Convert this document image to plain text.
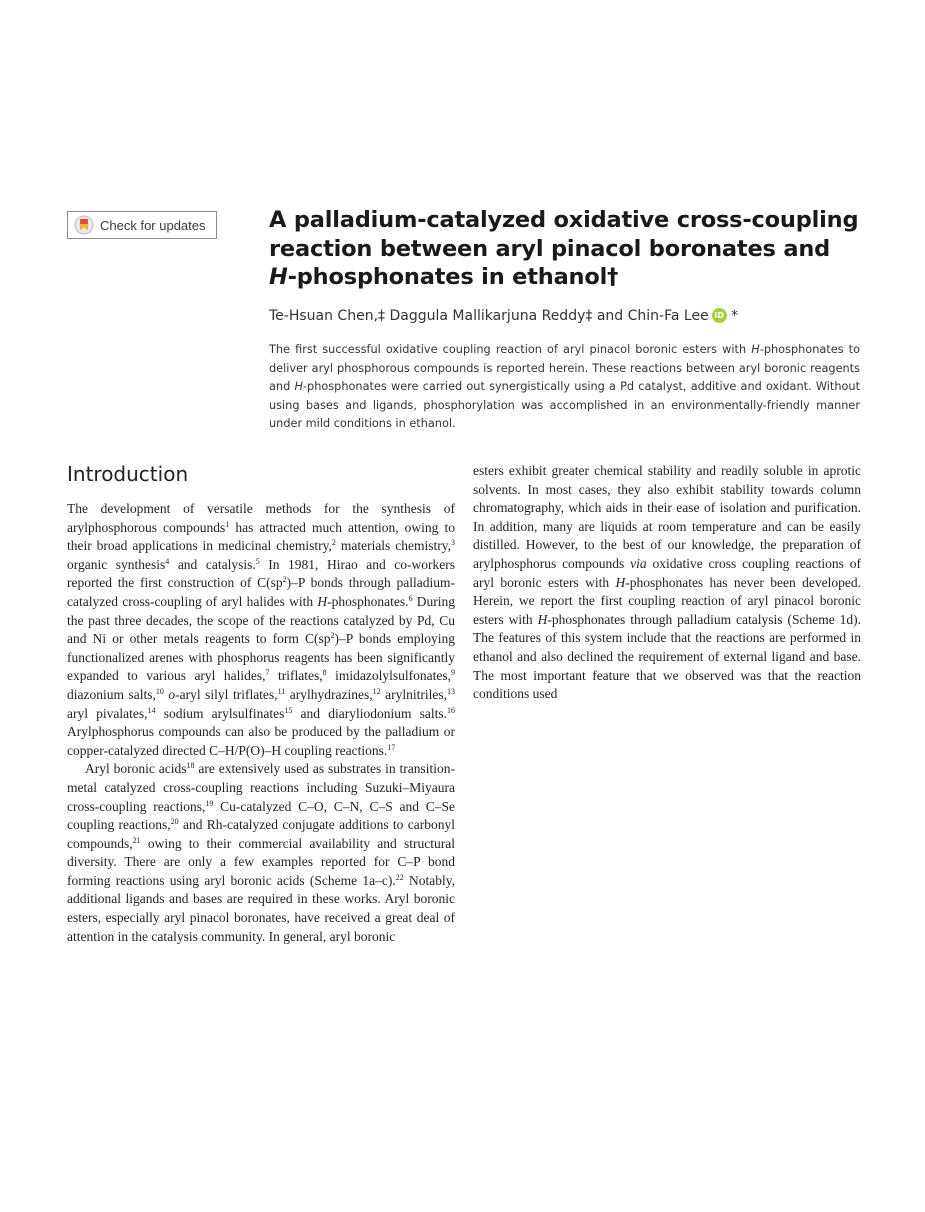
Check for updates	A palladium-catalyzed oxidative cross-coupling
reaction between aryl pinacol boronates and
H-phosphonates in ethanol†
Te-Hsuan Chen,‡ Daggula Mallikarjuna Reddy‡ and Chin-Fa Lee iD *

The first successful oxidative coupling reaction of aryl pinacol boronic esters with H-phosphonates to deliver aryl phosphorous compounds is reported herein. These reactions between aryl boronic reagents and H-phosphonates were carried out synergistically using a Pd catalyst, additive and oxidant. Without using bases and ligands, phosphorylation was accomplished in an environmentally-friendly manner under mild conditions in ethanol.

Introduction

The development of versatile methods for the synthesis of arylphosphorous compounds$^1$ has attracted much attention, owing to their broad applications in medicinal chemistry,$^2$ materials chemistry,$^3$ organic synthesis$^4$ and catalysis.$^5$ In 1981, Hirao and co-workers reported the first construction of $C(sp^2)-P$ bonds through palladium-catalyzed cross-coupling of aryl halides with H-phosphonates.$^6$ During the past three decades, the scope of the reactions catalyzed by Pd, Cu and Ni or other metals reagents to form $C(sp^2)-P$ bonds employing functionalized arenes with phosphorus reagents has been significantly expanded to various aryl halides,$^7$ triflates,$^8$ imidazolylsulfonates,$^9$ diazonium salts,$^{10}$ o-aryl silyl triflates,$^{11}$ arylhydrazines,$^{12}$ arylnitriles,$^{13}$ aryl pivalates,$^{14}$ sodium arylsulfinates$^{15}$ and diaryliodonium salts.$^{16}$ Arylphosphorus compounds can also be produced by the palladium or copper-catalyzed directed C–H/P(O)–H coupling reactions.$^{17}$

Aryl boronic acids$^{18}$ are extensively used as substrates in transition-metal catalyzed cross-coupling reactions including Suzuki–Miyaura cross-coupling reactions,$^{19}$ Cu-catalyzed C–O, C–N, C–S and C–Se coupling reactions,$^{20}$ and Rh-catalyzed conjugate additions to carbonyl compounds,$^{21}$ owing to their commercial availability and structural diversity. There are only a few examples reported for C–P bond forming reactions using aryl boronic acids (Scheme 1a–c).$^{22}$ Notably, additional ligands and bases are required in these works. Aryl boronic esters, especially aryl pinacol boronates, have received a great deal of attention in the catalysis community. In general, aryl boronic

esters exhibit greater chemical stability and readily soluble in aprotic solvents. In most cases, they also exhibit stability towards column chromatography, which aids in their ease of isolation and purification. In addition, many are liquids at room temperature and can be easily distilled. However, to the best of our knowledge, the preparation of arylphosphorus compounds via oxidative cross coupling reactions of aryl boronic esters with H-phosphonates has never been developed. Herein, we report the first coupling reaction of aryl pinacol boronic esters with H-phosphonates through palladium catalysis (Scheme 1d). The features of this system include that the reactions are performed in ethanol and also declined the requirement of external ligand and base. The most important feature that we observed was that the reaction conditions used
